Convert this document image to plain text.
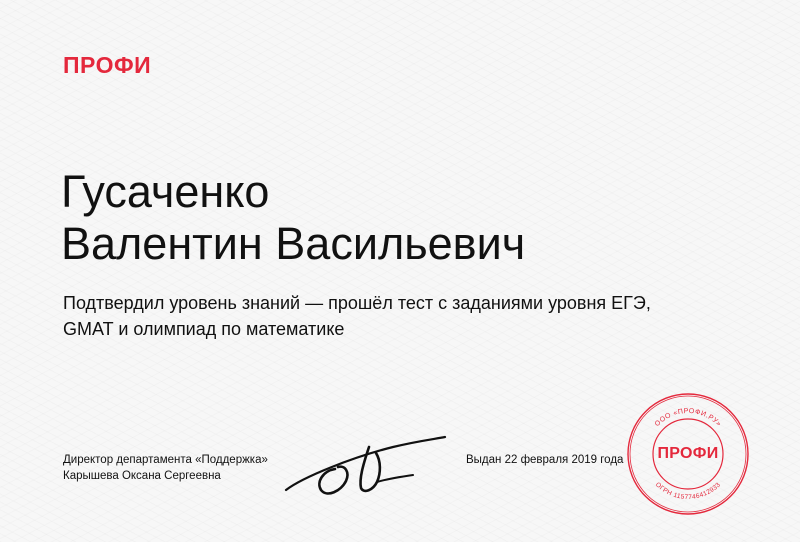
ПРОФИ
Гусаченко
Валентин Васильевич

Подтвердил уровень знаний — прошёл тест с заданиями уровня ЕГЭ, GMAT и олимпиад по математике

Директор департамента «Поддержка»
Карышева Оксана Сергеевна
Выдан 22 февраля 2019 года
ООО «ПРОФИ.РУ»
ОГРН 1157746412933
ПРОФИ
